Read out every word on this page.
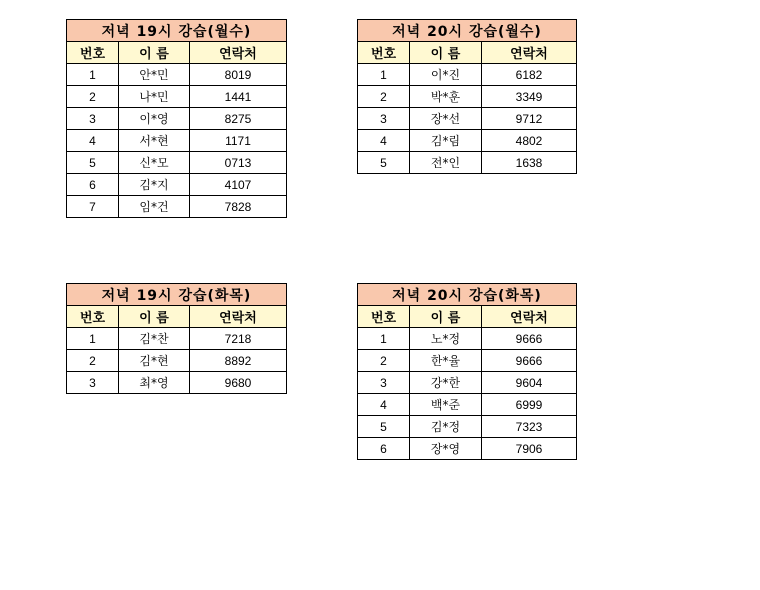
저녁 19시 강습(월수)		
번호	이 름	연락처
1	안*민	8019
2	나*민	1441
3	이*영	8275
4	서*현	1171
5	신*모	0713
6	김*지	4107
7	임*건	7828
저녁 20시 강습(월수)		
번호	이 름	연락처
1	이*진	6182
2	박*훈	3349
3	장*선	9712
4	김*림	4802
5	전*인	1638
저녁 19시 강습(화목)		
번호	이 름	연락처
1	김*찬	7218
2	김*현	8892
3	최*영	9680
저녁 20시 강습(화목)		
번호	이 름	연락처
1	노*정	9666
2	한*율	9666
3	강*한	9604
4	백*준	6999
5	김*정	7323
6	장*영	7906
